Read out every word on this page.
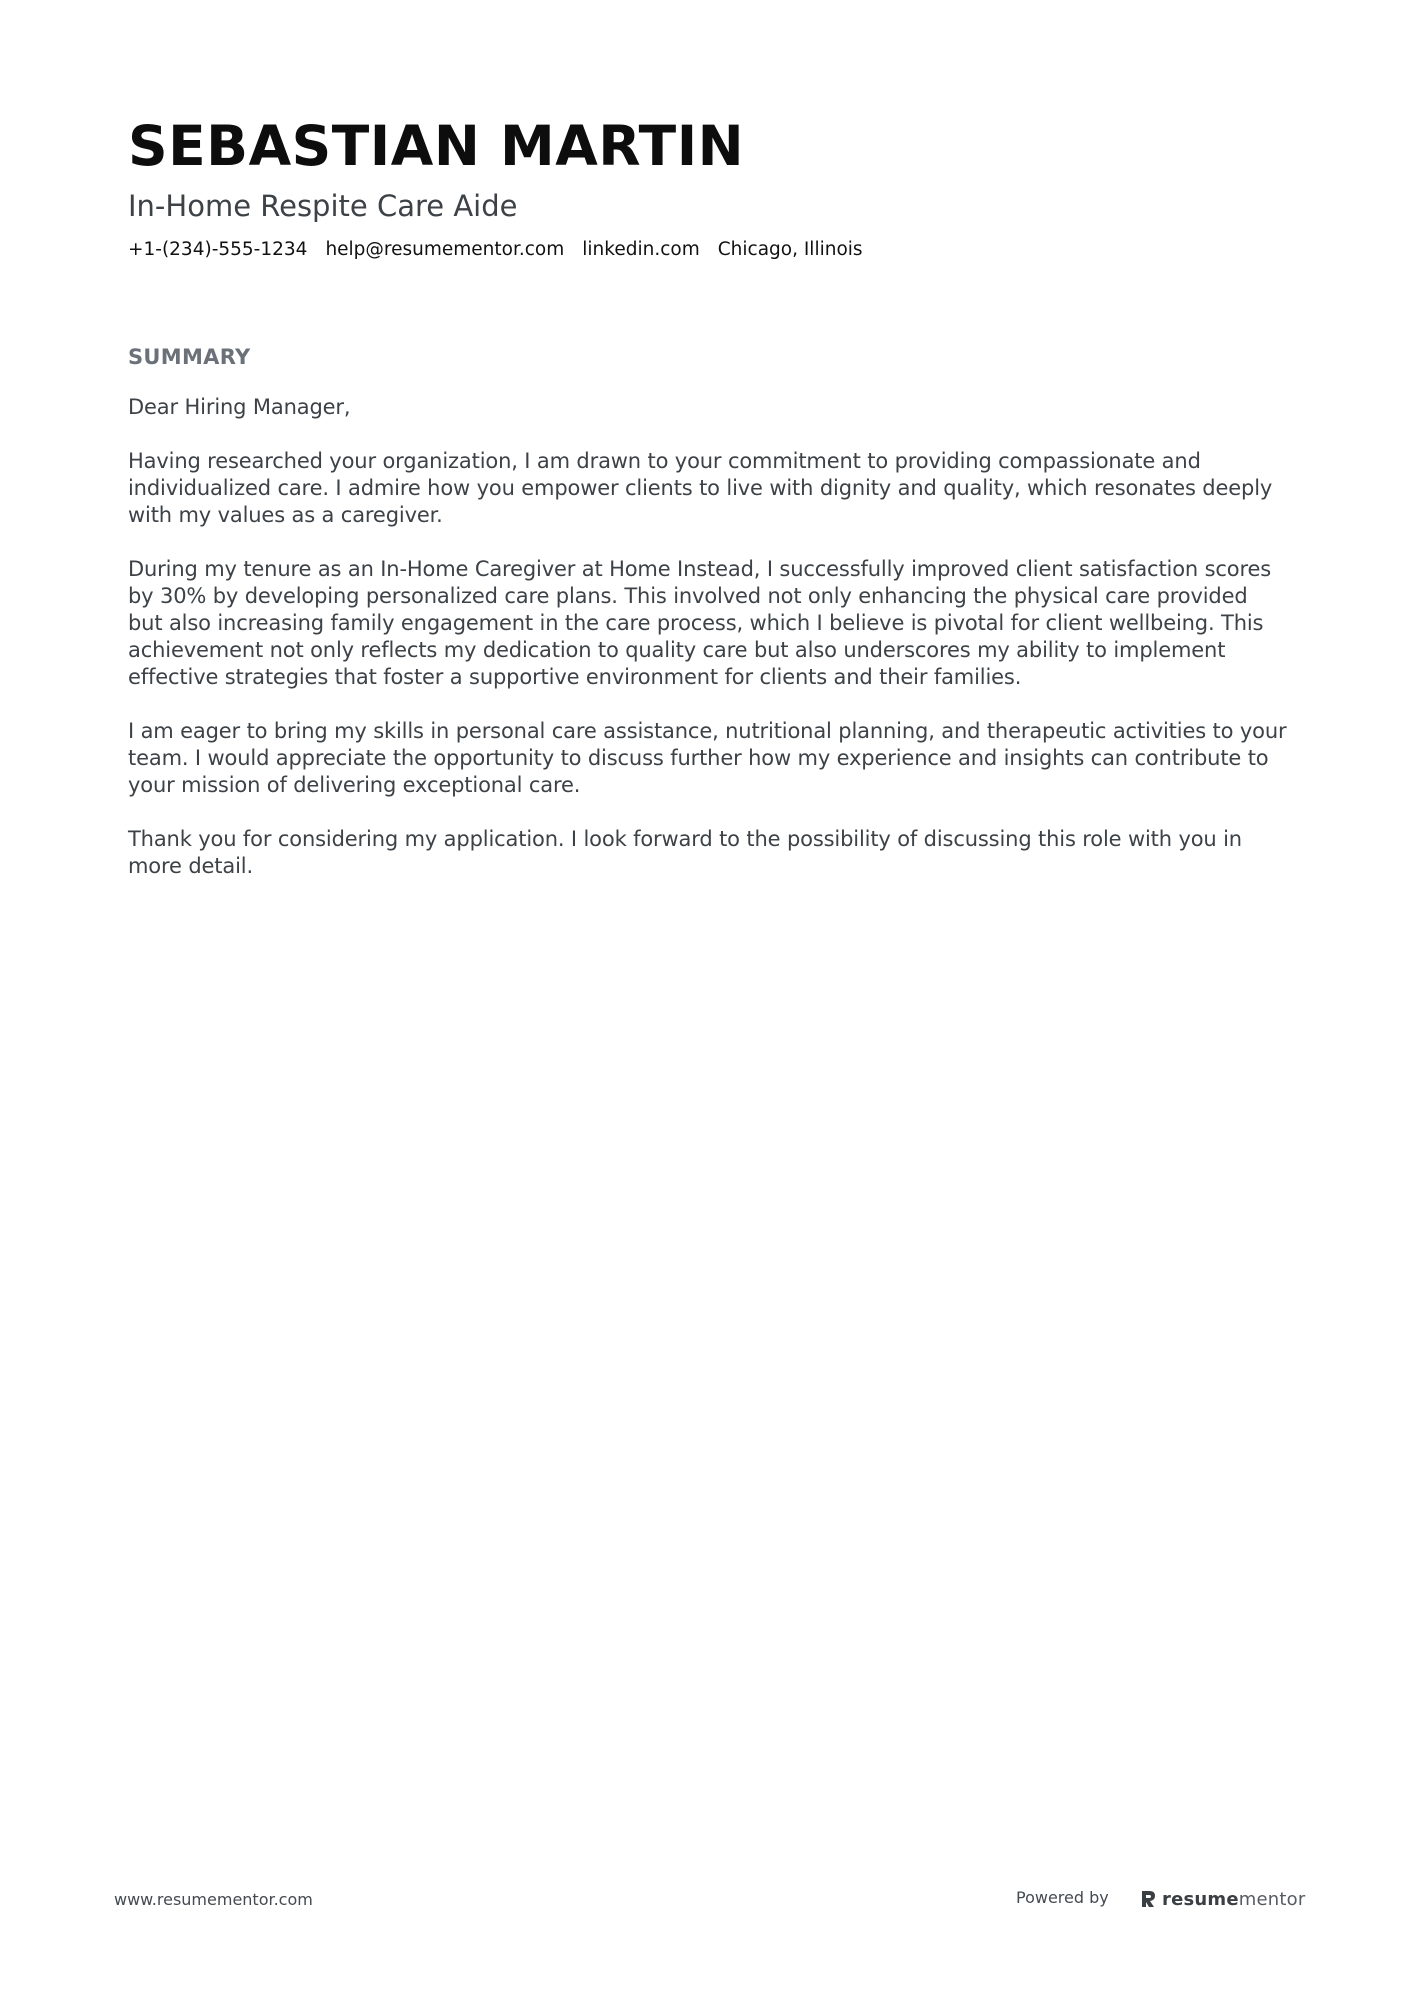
SEBASTIAN MARTIN
In-Home Respite Care Aide
+1-(234)-555-1234 help@resumementor.com linkedin.com Chicago, Illinois
SUMMARY

Dear Hiring Manager,

Having researched your organization, I am drawn to your commitment to providing compassionate and individualized care. I admire how you empower clients to live with dignity and quality, which resonates deeply with my values as a caregiver.

During my tenure as an In-Home Caregiver at Home Instead, I successfully improved client satisfaction scores by 30% by developing personalized care plans. This involved not only enhancing the physical care provided but also increasing family engagement in the care process, which I believe is pivotal for client wellbeing. This achievement not only reflects my dedication to quality care but also underscores my ability to implement effective strategies that foster a supportive environment for clients and their families.

I am eager to bring my skills in personal care assistance, nutritional planning, and therapeutic activities to your team. I would appreciate the opportunity to discuss further how my experience and insights can contribute to your mission of delivering exceptional care.

Thank you for considering my application. I look forward to the possibility of discussing this role with you in more detail.

www.resumementor.com	Powered by	resumementor
